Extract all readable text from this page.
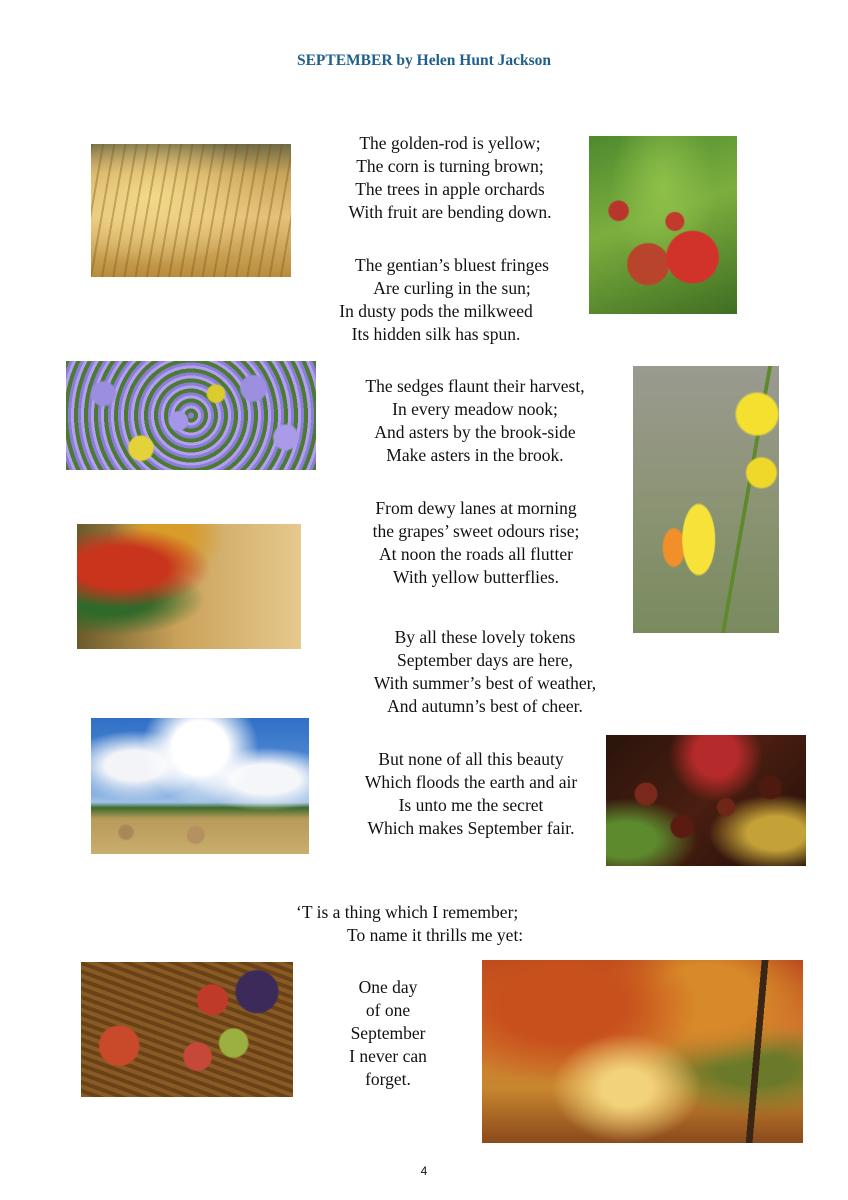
SEPTEMBER by Helen Hunt Jackson
The golden-rod is yellow;
The corn is turning brown;
The trees in apple orchards
With fruit are bending down.
The gentian’s bluest fringes
Are curling in the sun;
In dusty pods the milkweed
Its hidden silk has spun.
The sedges flaunt their harvest,
In every meadow nook;
And asters by the brook-side
Make asters in the brook.
From dewy lanes at morning
the grapes’ sweet odours rise;
At noon the roads all flutter
With yellow butterflies.
By all these lovely tokens
September days are here,
With summer’s best of weather,
And autumn’s best of cheer.
But none of all this beauty
Which floods the earth and air
Is unto me the secret
Which makes September fair.
‘T is a thing which I remember;
To name it thrills me yet:
One day
of one
September
I never can
forget.
4
